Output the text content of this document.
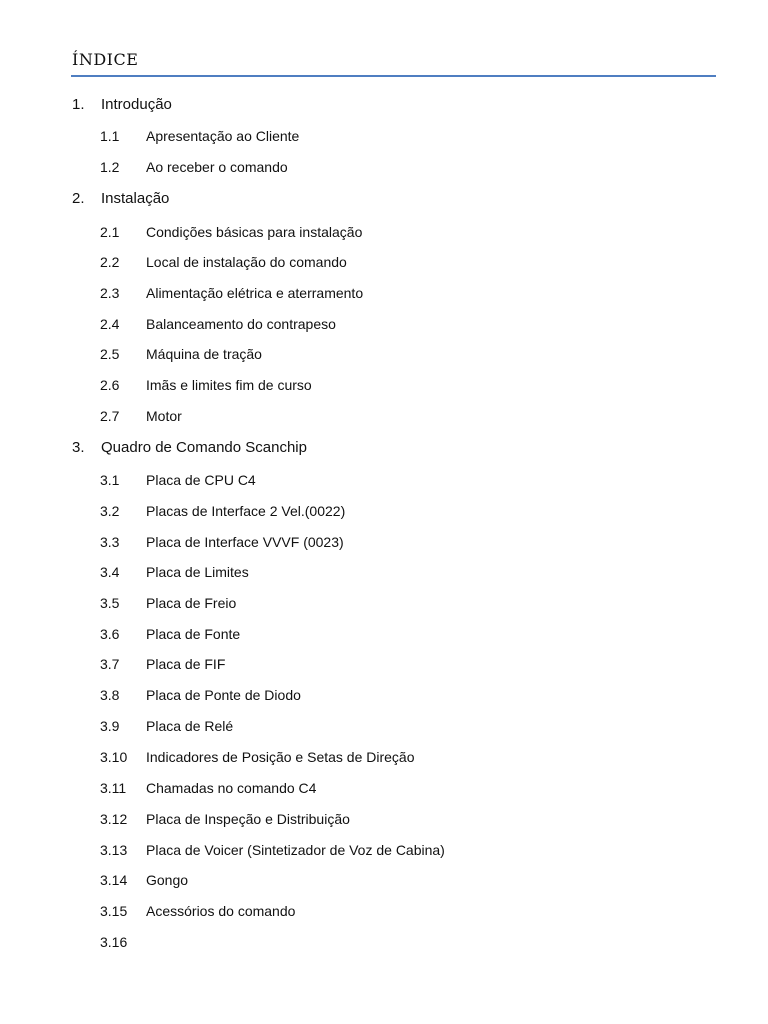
ÍNDICE
1. Introdução
1.1 Apresentação ao Cliente
1.2 Ao receber o comando
2. Instalação
2.1 Condições básicas para instalação
2.2 Local de instalação do comando
2.3 Alimentação elétrica e aterramento
2.4 Balanceamento do contrapeso
2.5 Máquina de tração
2.6 Imãs e limites fim de curso
2.7 Motor
3. Quadro de Comando Scanchip
3.1 Placa de CPU C4
3.2 Placas de Interface 2 Vel.(0022)
3.3 Placa de Interface VVVF (0023)
3.4 Placa de Limites
3.5 Placa de Freio
3.6 Placa de Fonte
3.7 Placa de FIF
3.8 Placa de Ponte de Diodo
3.9 Placa de Relé
3.10 Indicadores de Posição e Setas de Direção
3.11 Chamadas no comando C4
3.12 Placa de Inspeção e Distribuição
3.13 Placa de Voicer (Sintetizador de Voz de Cabina)
3.14 Gongo
3.15 Acessórios do comando
3.16
